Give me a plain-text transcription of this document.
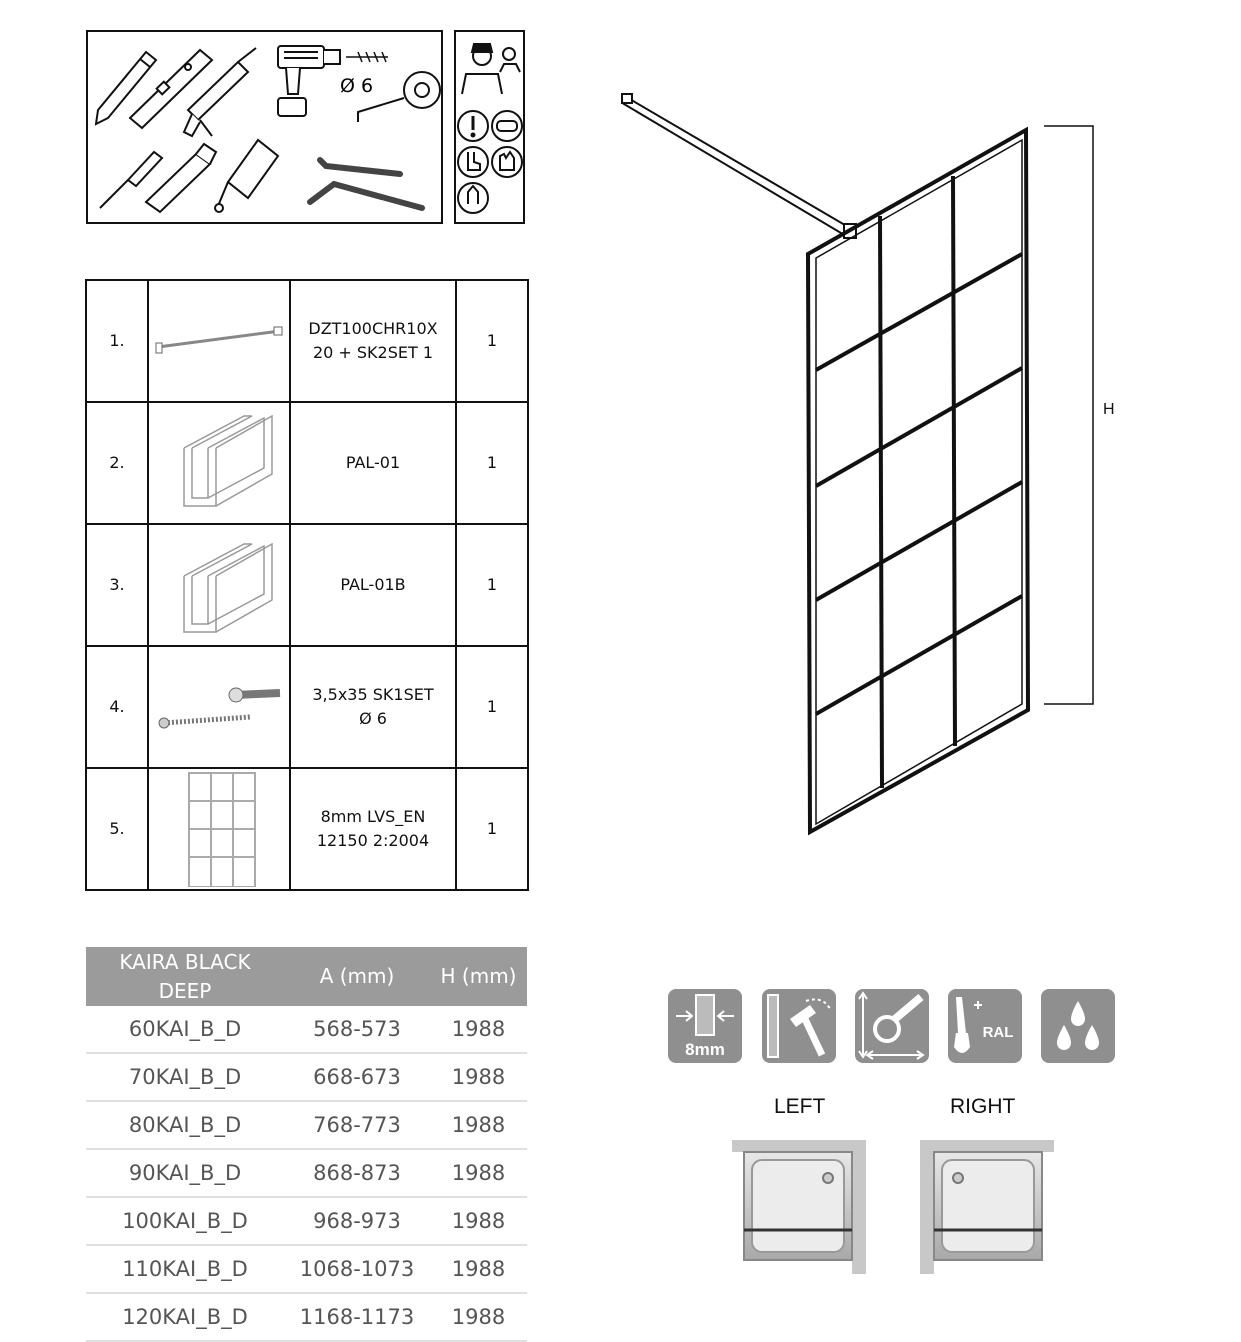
Ø 6
1.		DZT100CHR10X
20 + SK2SET 1	1
2.		PAL-01	1
3.		PAL-01B	1
4.		3,5x35 SK1SET
Ø 6	1
5.		8mm LVS_EN
12150 2:2004	1
KAIRA BLACK DEEP	A (mm)	H (mm)
60KAI_B_D	568-573	1988
70KAI_B_D	668-673	1988
80KAI_B_D	768-773	1988
90KAI_B_D	868-873	1988
100KAI_B_D	968-973	1988
110KAI_B_D	1068-1073	1988
120KAI_B_D	1168-1173	1988
H
8mm
RAL
LEFT	RIGHT
